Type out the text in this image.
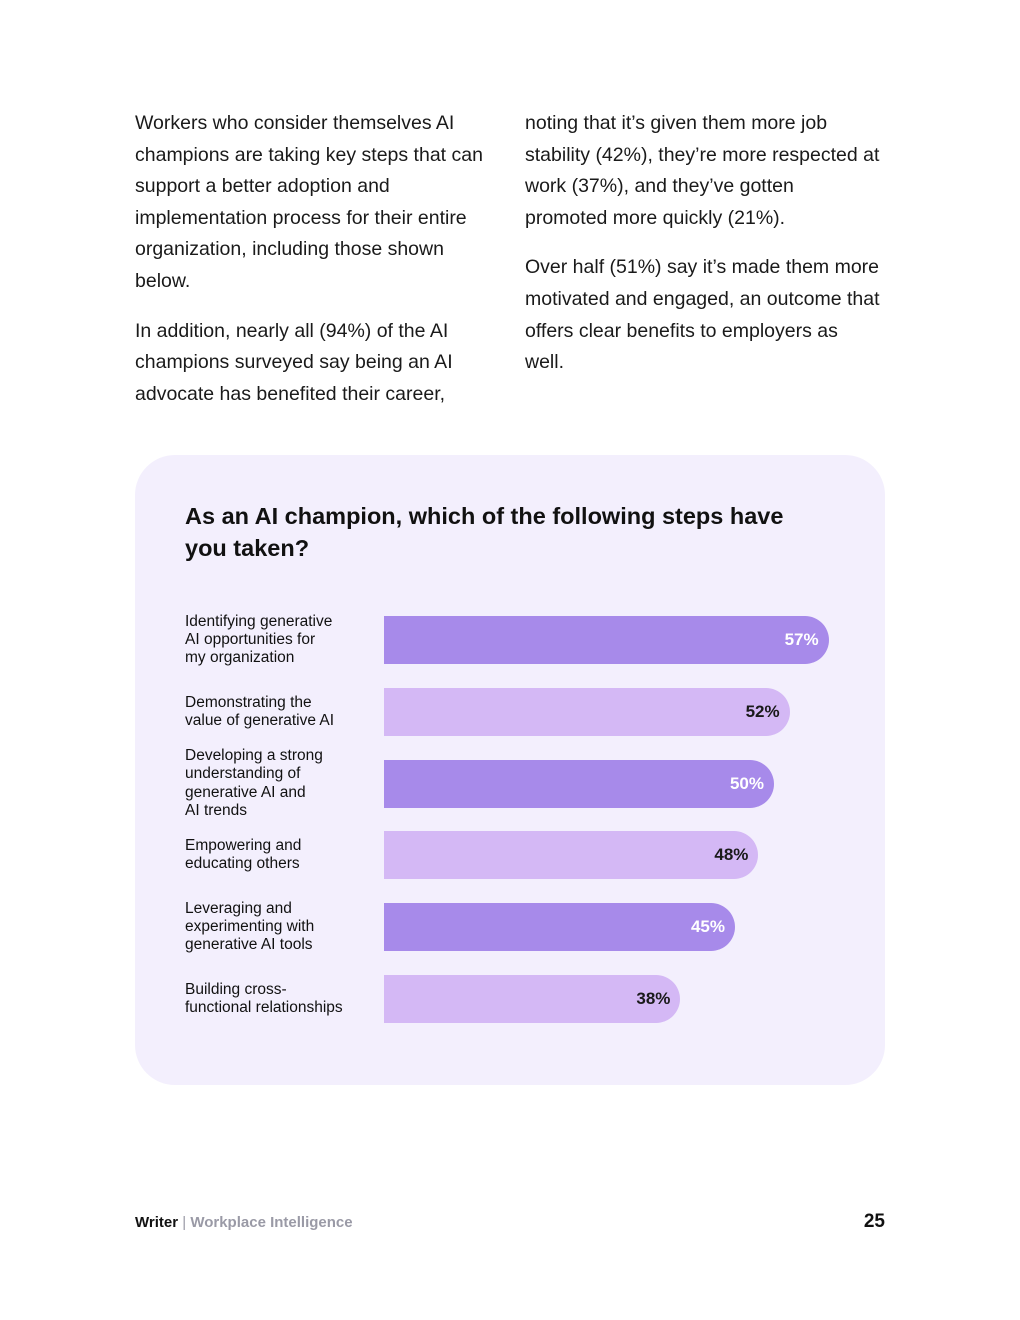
Workers who consider themselves AI champions are taking key steps that can support a better adoption and implementation process for their entire organization, including those shown below.

In addition, nearly all (94%) of the AI champions surveyed say being an AI advocate has benefited their career,

noting that it’s given them more job stability (42%), they’re more respected at work (37%), and they’ve gotten promoted more quickly (21%).

Over half (51%) say it’s made them more motivated and engaged, an outcome that offers clear benefits to employers as well.

As an AI champion, which of the following steps have you taken?
Identifying generative
AI opportunities for
my organization
57%
Demonstrating the
value of generative AI	52%
Developing a strong
understanding of
generative AI and
AI trends
50%
Empowering and
educating others	48%
Leveraging and
experimenting with
generative AI tools
45%
Building cross-
functional relationships	38%
Writer | Workplace Intelligence	25
